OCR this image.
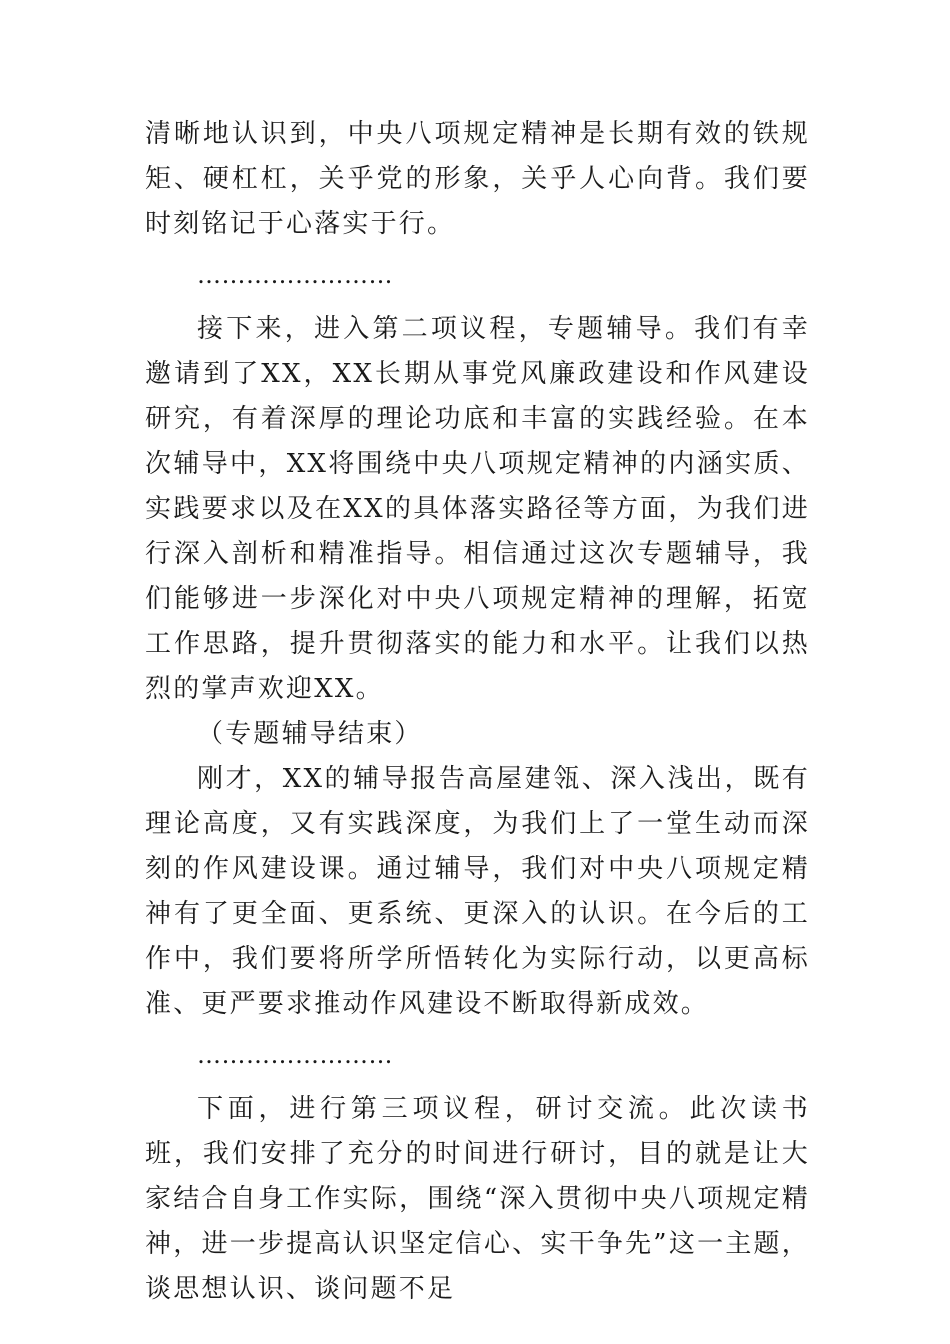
清晰地认识到，中央八项规定精神是长期有效的铁规矩、硬杠杠，关乎党的形象，关乎人心向背。我们要时刻铭记于心落实于行。

……………………

接下来，进入第二项议程，专题辅导。我们有幸邀请到了XX，XX长期从事党风廉政建设和作风建设研究，有着深厚的理论功底和丰富的实践经验。在本次辅导中，XX将围绕中央八项规定精神的内涵实质、实践要求以及在XX的具体落实路径等方面，为我们进行深入剖析和精准指导。相信通过这次专题辅导，我们能够进一步深化对中央八项规定精神的理解，拓宽工作思路，提升贯彻落实的能力和水平。让我们以热烈的掌声欢迎XX。

（专题辅导结束）

刚才，XX的辅导报告高屋建瓴、深入浅出，既有理论高度，又有实践深度，为我们上了一堂生动而深刻的作风建设课。通过辅导，我们对中央八项规定精神有了更全面、更系统、更深入的认识。在今后的工作中，我们要将所学所悟转化为实际行动，以更高标准、更严要求推动作风建设不断取得新成效。

……………………

下面，进行第三项议程，研讨交流。此次读书班，我们安排了充分的时间进行研讨，目的就是让大家结合自身工作实际，围绕“深入贯彻中央八项规定精神，进一步提高认识坚定信心、实干争先”这一主题，谈思想认识、谈问题不足
